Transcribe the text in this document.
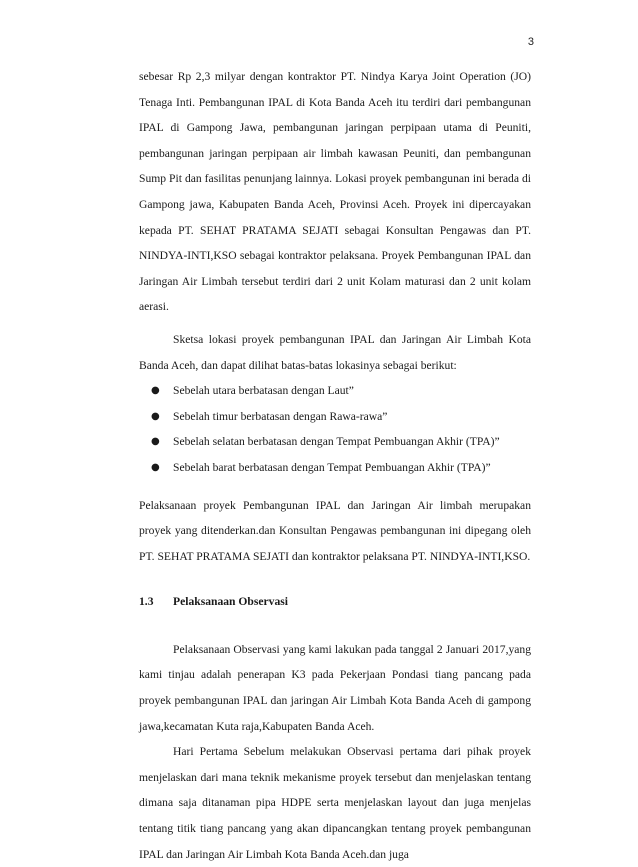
3

sebesar Rp 2,3 milyar dengan kontraktor PT. Nindya Karya Joint Operation (JO) Tenaga Inti. Pembangunan IPAL di Kota Banda Aceh itu terdiri dari pembangunan IPAL di Gampong Jawa, pembangunan jaringan perpipaan utama di Peuniti, pembangunan jaringan perpipaan air limbah kawasan Peuniti, dan pembangunan Sump Pit dan fasilitas penunjang lainnya. Lokasi proyek pembangunan ini berada di Gampong jawa, Kabupaten Banda Aceh, Provinsi Aceh. Proyek ini dipercayakan kepada PT. SEHAT PRATAMA SEJATI sebagai Konsultan Pengawas dan PT. NINDYA-INTI,KSO sebagai kontraktor pelaksana. Proyek Pembangunan IPAL dan Jaringan Air Limbah tersebut terdiri dari 2 unit Kolam maturasi dan 2 unit kolam aerasi.

Sketsa lokasi proyek pembangunan IPAL dan Jaringan Air Limbah Kota Banda Aceh, dan dapat dilihat batas-batas lokasinya sebagai berikut:

● Sebelah utara berbatasan dengan Laut”
● Sebelah timur berbatasan dengan Rawa-rawa”
● Sebelah selatan berbatasan dengan Tempat Pembuangan Akhir (TPA)”
● Sebelah barat berbatasan dengan Tempat Pembuangan Akhir (TPA)”

Pelaksanaan proyek Pembangunan IPAL dan Jaringan Air limbah merupakan proyek yang ditenderkan.dan Konsultan Pengawas pembangunan ini dipegang oleh PT. SEHAT PRATAMA SEJATI dan kontraktor pelaksana PT. NINDYA-INTI,KSO.

1.3 Pelaksanaan Observasi

Pelaksanaan Observasi yang kami lakukan pada tanggal 2 Januari 2017,yang kami tinjau adalah penerapan K3 pada Pekerjaan Pondasi tiang pancang pada proyek pembangunan IPAL dan jaringan Air Limbah Kota Banda Aceh di gampong jawa,kecamatan Kuta raja,Kabupaten Banda Aceh.

Hari Pertama Sebelum melakukan Observasi pertama dari pihak proyek menjelaskan dari mana teknik mekanisme proyek tersebut dan menjelaskan tentang dimana saja ditanaman pipa HDPE serta menjelaskan layout dan juga menjelas tentang titik tiang pancang yang akan dipancangkan tentang proyek pembangunan IPAL dan Jaringan Air Limbah Kota Banda Aceh.dan juga
